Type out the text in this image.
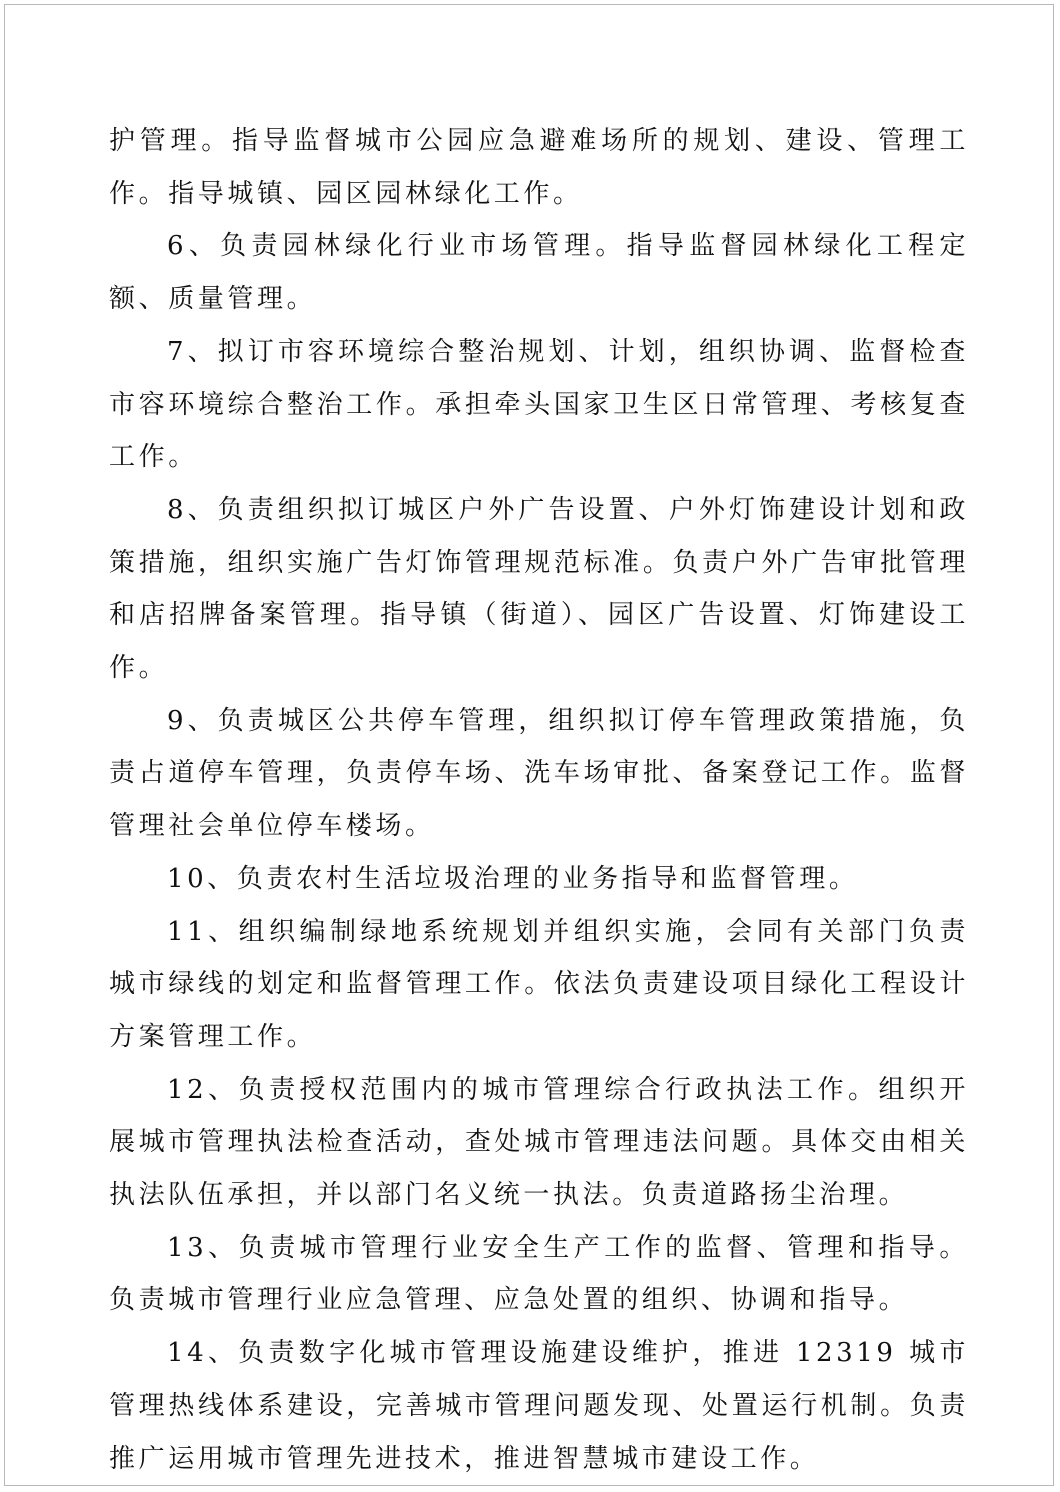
护管理。指导监督城市公园应急避难场所的规划、建设、管理工作。指导城镇、园区园林绿化工作。

6、负责园林绿化行业市场管理。指导监督园林绿化工程定额、质量管理。

7、拟订市容环境综合整治规划、计划，组织协调、监督检查市容环境综合整治工作。承担牵头国家卫生区日常管理、考核复查工作。

8、负责组织拟订城区户外广告设置、户外灯饰建设计划和政策措施，组织实施广告灯饰管理规范标准。负责户外广告审批管理和店招牌备案管理。指导镇（街道）、园区广告设置、灯饰建设工作。

9、负责城区公共停车管理，组织拟订停车管理政策措施，负责占道停车管理，负责停车场、洗车场审批、备案登记工作。监督管理社会单位停车楼场。

10、负责农村生活垃圾治理的业务指导和监督管理。

11、组织编制绿地系统规划并组织实施，会同有关部门负责城市绿线的划定和监督管理工作。依法负责建设项目绿化工程设计方案管理工作。

12、负责授权范围内的城市管理综合行政执法工作。组织开展城市管理执法检查活动，查处城市管理违法问题。具体交由相关执法队伍承担，并以部门名义统一执法。负责道路扬尘治理。

13、负责城市管理行业安全生产工作的监督、管理和指导。负责城市管理行业应急管理、应急处置的组织、协调和指导。

14、负责数字化城市管理设施建设维护，推进 12319 城市管理热线体系建设，完善城市管理问题发现、处置运行机制。负责推广运用城市管理先进技术，推进智慧城市建设工作。
